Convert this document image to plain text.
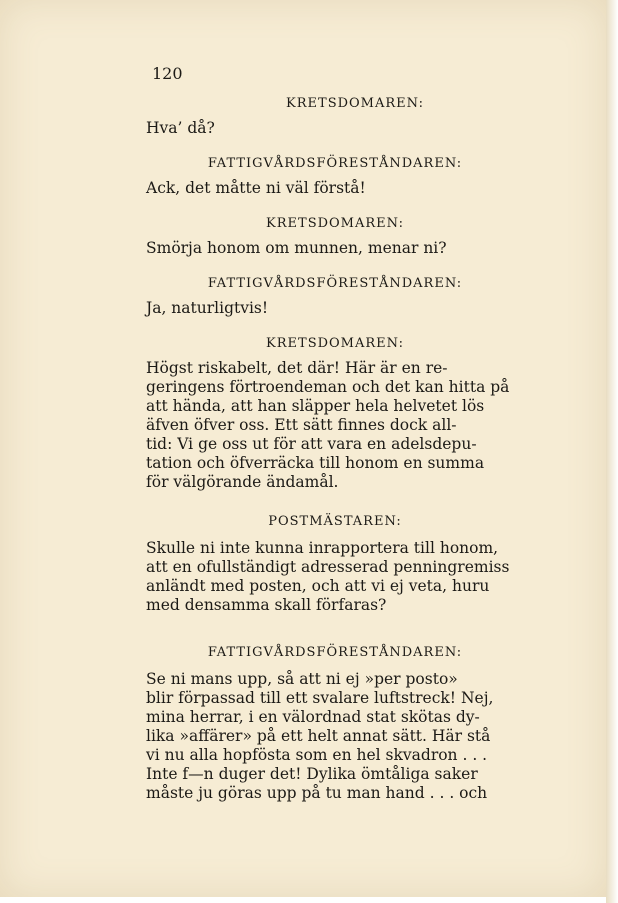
120

KRETSDOMAREN:

Hva’ då?

FATTIGVÅRDSFÖRESTÅNDAREN:

Ack, det måtte ni väl förstå!

KRETSDOMAREN:

Smörja honom om munnen, menar ni?

FATTIGVÅRDSFÖRESTÅNDAREN:

Ja, naturligtvis!

KRETSDOMAREN:

Högst riskabelt, det där! Här är en re-

geringens förtroendeman och det kan hitta på

att hända, att han släpper hela helvetet lös

äfven öfver oss. Ett sätt finnes dock all-

tid: Vi ge oss ut för att vara en adelsdepu-

tation och öfverräcka till honom en summa

för välgörande ändamål.

POSTMÄSTAREN:

Skulle ni inte kunna inrapportera till honom,

att en ofullständigt adresserad penningremiss

anländt med posten, och att vi ej veta, huru

med densamma skall förfaras?

FATTIGVÅRDSFÖRESTÅNDAREN:

Se ni mans upp, så att ni ej »per posto»

blir förpassad till ett svalare luftstreck! Nej,

mina herrar, i en välordnad stat skötas dy-

lika »affärer» på ett helt annat sätt. Här stå

vi nu alla hopfösta som en hel skvadron . . .

Inte f—n duger det! Dylika ömtåliga saker

måste ju göras upp på tu man hand . . . och
